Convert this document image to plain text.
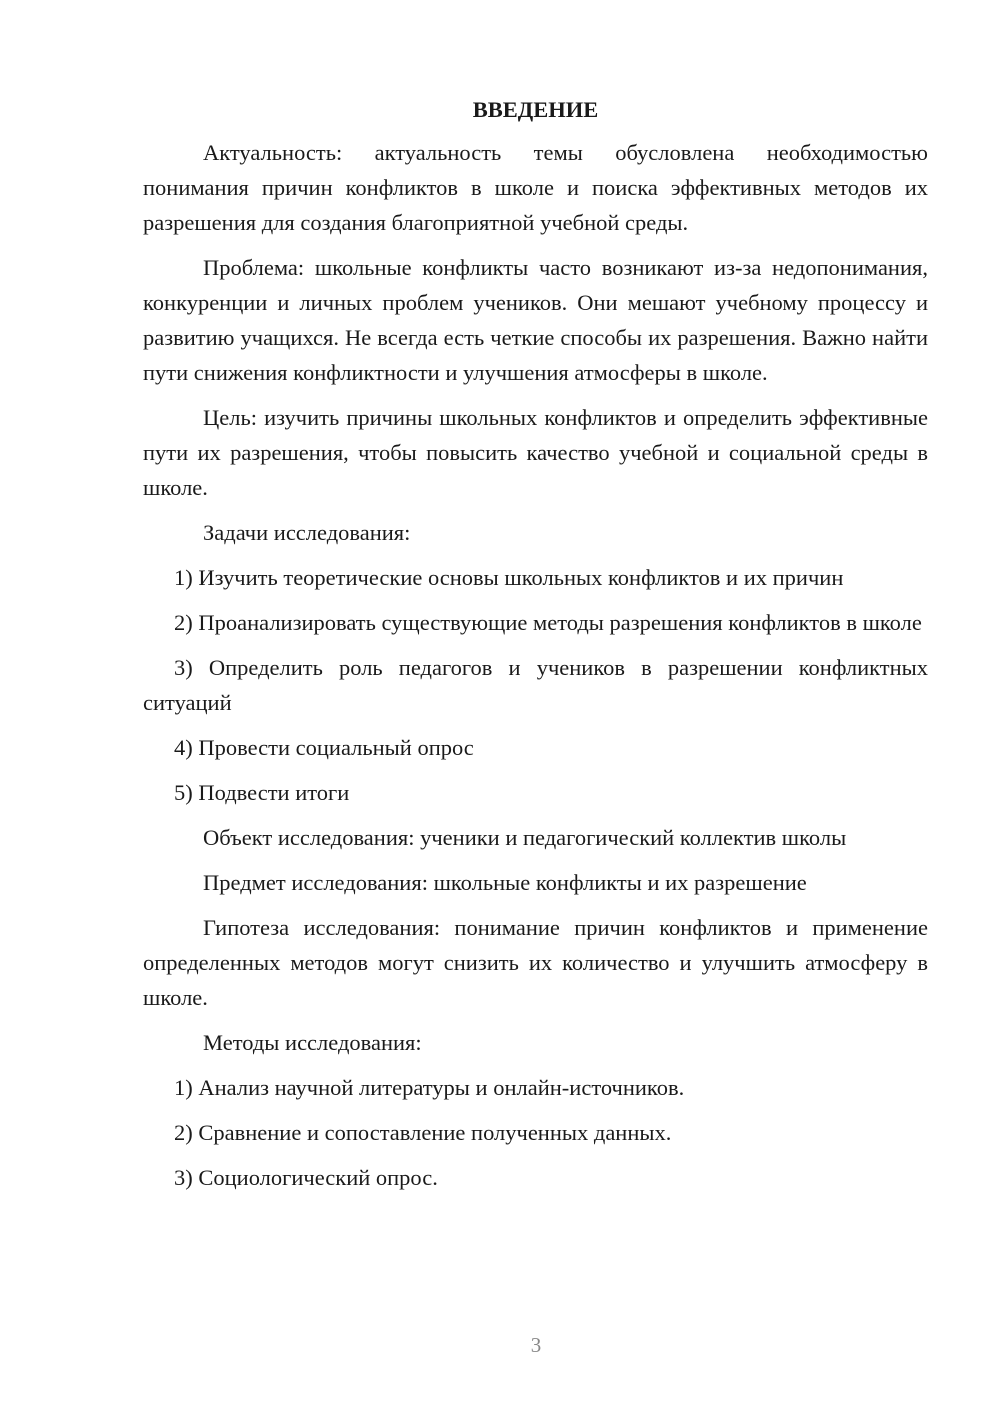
ВВЕДЕНИЕ

Актуальность: актуальность темы обусловлена необходимостью понимания причин конфликтов в школе и поиска эффективных методов их разрешения для создания благоприятной учебной среды.

Проблема: школьные конфликты часто возникают из-за недопонимания, конкуренции и личных проблем учеников. Они мешают учебному процессу и развитию учащихся. Не всегда есть четкие способы их разрешения. Важно найти пути снижения конфликтности и улучшения атмосферы в школе.

Цель: изучить причины школьных конфликтов и определить эффективные пути их разрешения, чтобы повысить качество учебной и социальной среды в школе.

Задачи исследования:

1) Изучить теоретические основы школьных конфликтов и их причин

2) Проанализировать существующие методы разрешения конфликтов в школе

3) Определить роль педагогов и учеников в разрешении конфликтных ситуаций

4) Провести социальный опрос

5) Подвести итоги

Объект исследования: ученики и педагогический коллектив школы

Предмет исследования: школьные конфликты и их разрешение

Гипотеза исследования: понимание причин конфликтов и применение определенных методов могут снизить их количество и улучшить атмосферу в школе.

Методы исследования:

1) Анализ научной литературы и онлайн-источников.

2) Сравнение и сопоставление полученных данных.

3) Социологический опрос.

3
